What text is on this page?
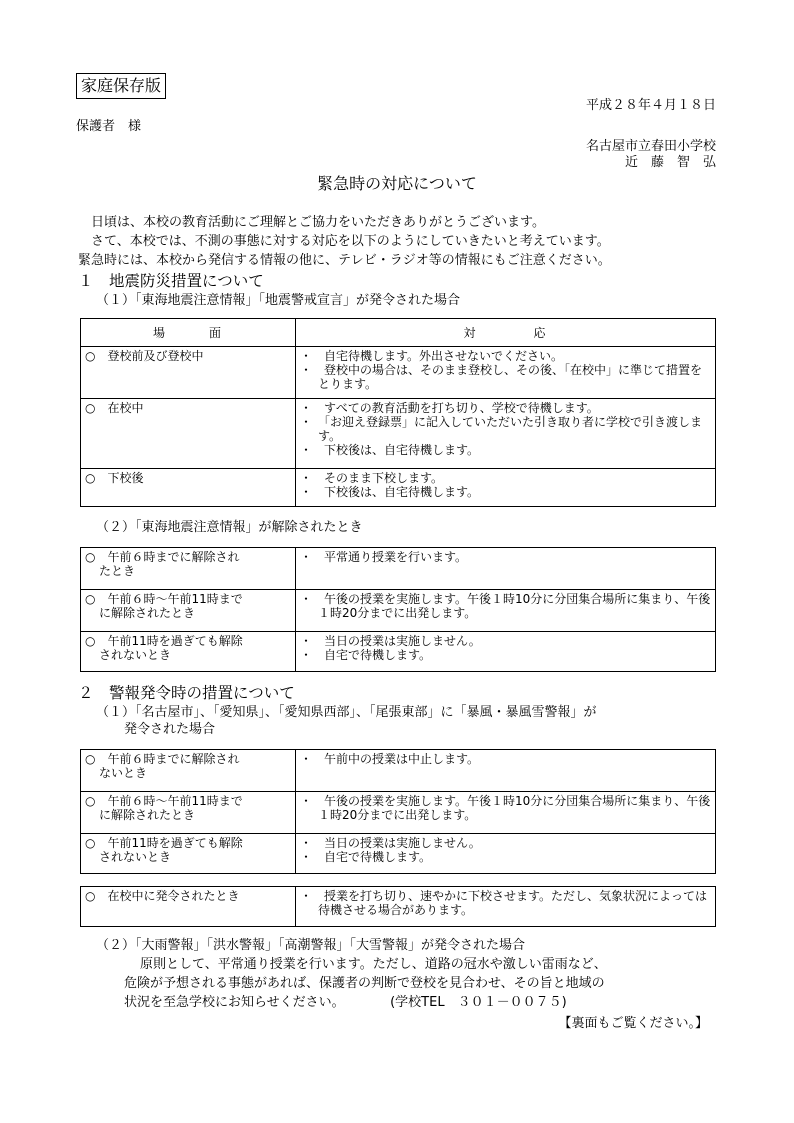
家庭保存版
平成２８年４月１８日
保護者　様
名古屋市立春田小学校
近　藤　智　弘
緊急時の対応について
　日頃は、本校の教育活動にご理解とご協力をいただきありがとうございます。
　さて、本校では、不測の事態に対する対応を以下のようにしていきたいと考えています。
緊急時には、本校から発信する情報の他に、テレビ・ラジオ等の情報にもご注意ください。
１　地震防災措置について
（１）「東海地震注意情報」「地震警戒宣言」が発令された場合
場　　　面	対　　　　応
○　登校前及び登校中	・　自宅待機します。外出させないでください。
・　登校中の場合は、そのまま登校し、その後、「在校中」に準じて措置をとります。

○　在校中	・　すべての教育活動を打ち切り、学校で待機します。
・　「お迎え登録票」に記入していただいた引き取り者に学校で引き渡します。
・　下校後は、自宅待機します。

○　下校後	・　そのまま下校します。
・　下校後は、自宅待機します。
（２）「東海地震注意情報」が解除されたとき
○　午前６時までに解除され
たとき	・　平常通り授業を行います。

○　午前６時～午前11時まで
に解除されたとき	・　午後の授業を実施します。午後１時10分に分団集合場所に集まり、午後１時20分までに出発します。

○　午前11時を過ぎても解除
されないとき	・　当日の授業は実施しません。
・　自宅で待機します。
２　警報発令時の措置について
（１）「名古屋市」、「愛知県」、「愛知県西部」、「尾張東部」に「暴風・暴風雪警報」が
発令された場合
○　午前６時までに解除され
ないとき	・　午前中の授業は中止します。

○　午前６時～午前11時まで
に解除されたとき	・　午後の授業を実施します。午後１時10分に分団集合場所に集まり、午後１時20分までに出発します。

○　午前11時を過ぎても解除
されないとき	・　当日の授業は実施しません。
・　自宅で待機します。
○　在校中に発令されたとき	・　授業を打ち切り、速やかに下校させます。ただし、気象状況によっては待機させる場合があります。
（２）「大雨警報」「洪水警報」「高潮警報」「大雪警報」が発令された場合
原則として、平常通り授業を行います。ただし、道路の冠水や激しい雷雨など、
危険が予想される事態があれば、保護者の判断で登校を見合わせ、その旨と地域の
状況を至急学校にお知らせください。　　　　(学校TEL　３０１－００７５)
【裏面もご覧ください。】
